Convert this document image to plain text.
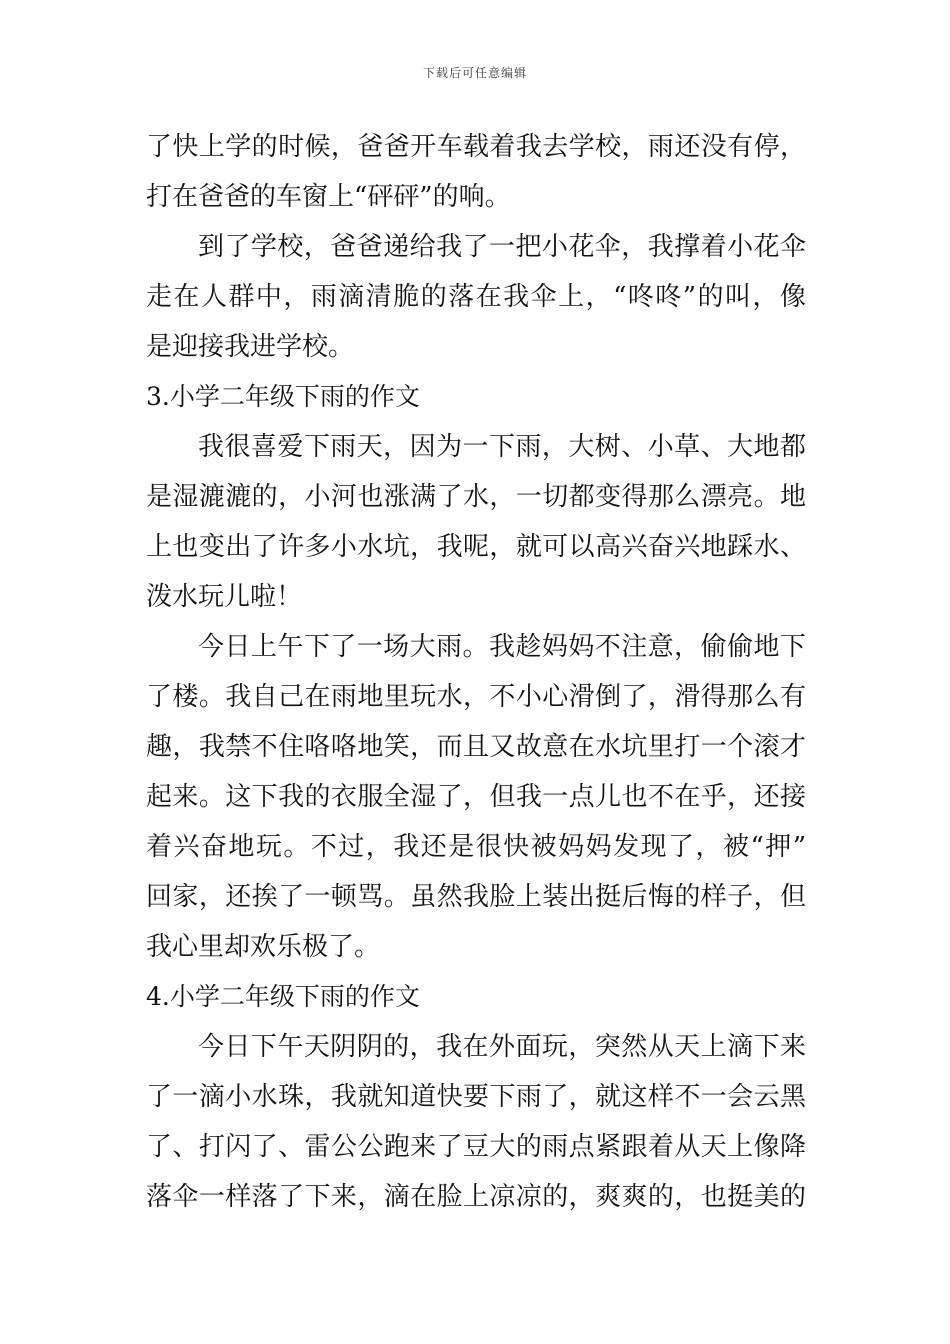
下载后可任意编辑
了快上学的时候，爸爸开车载着我去学校，雨还没有停，
打在爸爸的车窗上“砰砰”的响。
到了学校，爸爸递给我了一把小花伞，我撑着小花伞
走在人群中，雨滴清脆的落在我伞上，“咚咚”的叫，像
是迎接我进学校。
3.小学二年级下雨的作文
我很喜爱下雨天，因为一下雨，大树、小草、大地都
是湿漉漉的，小河也涨满了水，一切都变得那么漂亮。地
上也变出了许多小水坑，我呢，就可以高兴奋兴地踩水、
泼水玩儿啦！
今日上午下了一场大雨。我趁妈妈不注意，偷偷地下
了楼。我自己在雨地里玩水，不小心滑倒了，滑得那么有
趣，我禁不住咯咯地笑，而且又故意在水坑里打一个滚才
起来。这下我的衣服全湿了，但我一点儿也不在乎，还接
着兴奋地玩。不过，我还是很快被妈妈发现了，被“押”
回家，还挨了一顿骂。虽然我脸上装出挺后悔的样子，但
我心里却欢乐极了。
4.小学二年级下雨的作文
今日下午天阴阴的，我在外面玩，突然从天上滴下来
了一滴小水珠，我就知道快要下雨了，就这样不一会云黑
了、打闪了、雷公公跑来了豆大的雨点紧跟着从天上像降
落伞一样落了下来，滴在脸上凉凉的，爽爽的，也挺美的
